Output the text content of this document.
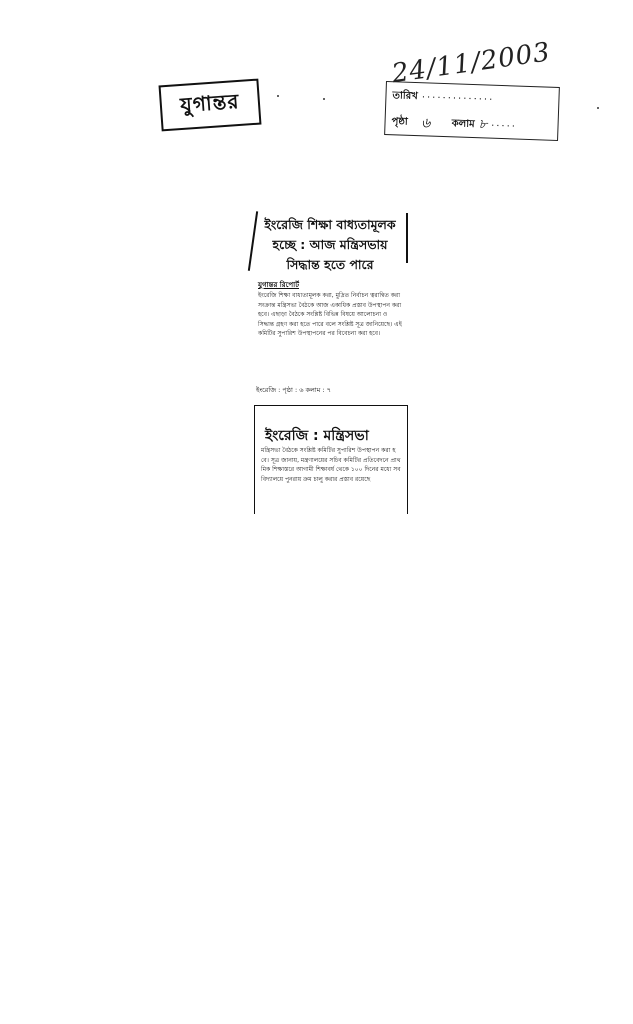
24/11/2003
যুগান্তর	তারিখ ··············
পৃষ্ঠা ৬	কলাম ৮ ·····
ইংরেজি শিক্ষা বাধ্যতামূলক
হচ্ছে : আজ মন্ত্রিসভায়
সিদ্ধান্ত হতে পারে
যুগান্তর রিপোর্ট
ইংরেজি শিক্ষা বাধ্যতামূলক করা, মুদ্রিত নির্বাচন ত্বরান্বিত করা সংক্রান্ত মন্ত্রিসভা বৈঠকে আজ একাধিক প্রস্তাব উপস্থাপন করা হবে। এছাড়া বৈঠকে সংশ্লিষ্ট বিভিন্ন বিষয়ে আলোচনা ও সিদ্ধান্ত গ্রহণ করা হতে পারে বলে সংশ্লিষ্ট সূত্র জানিয়েছে। এই কমিটির সুপারিশ উপস্থাপনের পর বিবেচনা করা হবে।
ইংরেজি : পৃষ্ঠা : ৬ কলাম : ৭
ইংরেজি : মন্ত্রিসভা
মন্ত্রিসভা বৈঠকে সংশ্লিষ্ট কমিটির সুপারিশ উপস্থাপন করা হবে। সূত্র জানায়, মন্ত্রণালয়ের সচিব কমিটির প্রতিবেদনে প্রাথমিক শিক্ষাস্তরে আগামী শিক্ষাবর্ষ থেকে ১০০ দিনের মধ্যে সব বিদ্যালয়ে পুনরায় ক্রম চালু করার প্রস্তাব রয়েছে
